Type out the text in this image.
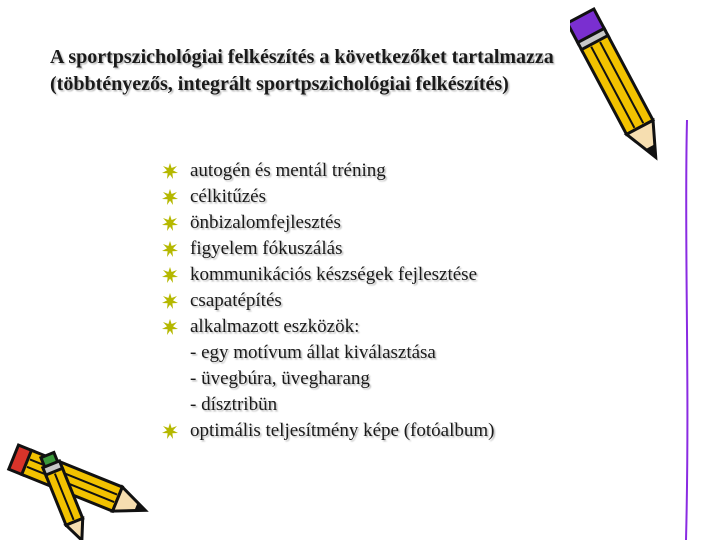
A sportpszichológiai felkészítés a következőket tartalmazza
(többtényezős, integrált sportpszichológiai felkészítés)
autogén és mentál tréning
célkitűzés
önbizalomfejlesztés
figyelem fókuszálás
kommunikációs készségek fejlesztése
csapatépítés
alkalmazott eszközök:
- egy motívum állat kiválasztása
- üvegbúra, üvegharang
- dísztribün
optimális teljesítmény képe (fotóalbum)
